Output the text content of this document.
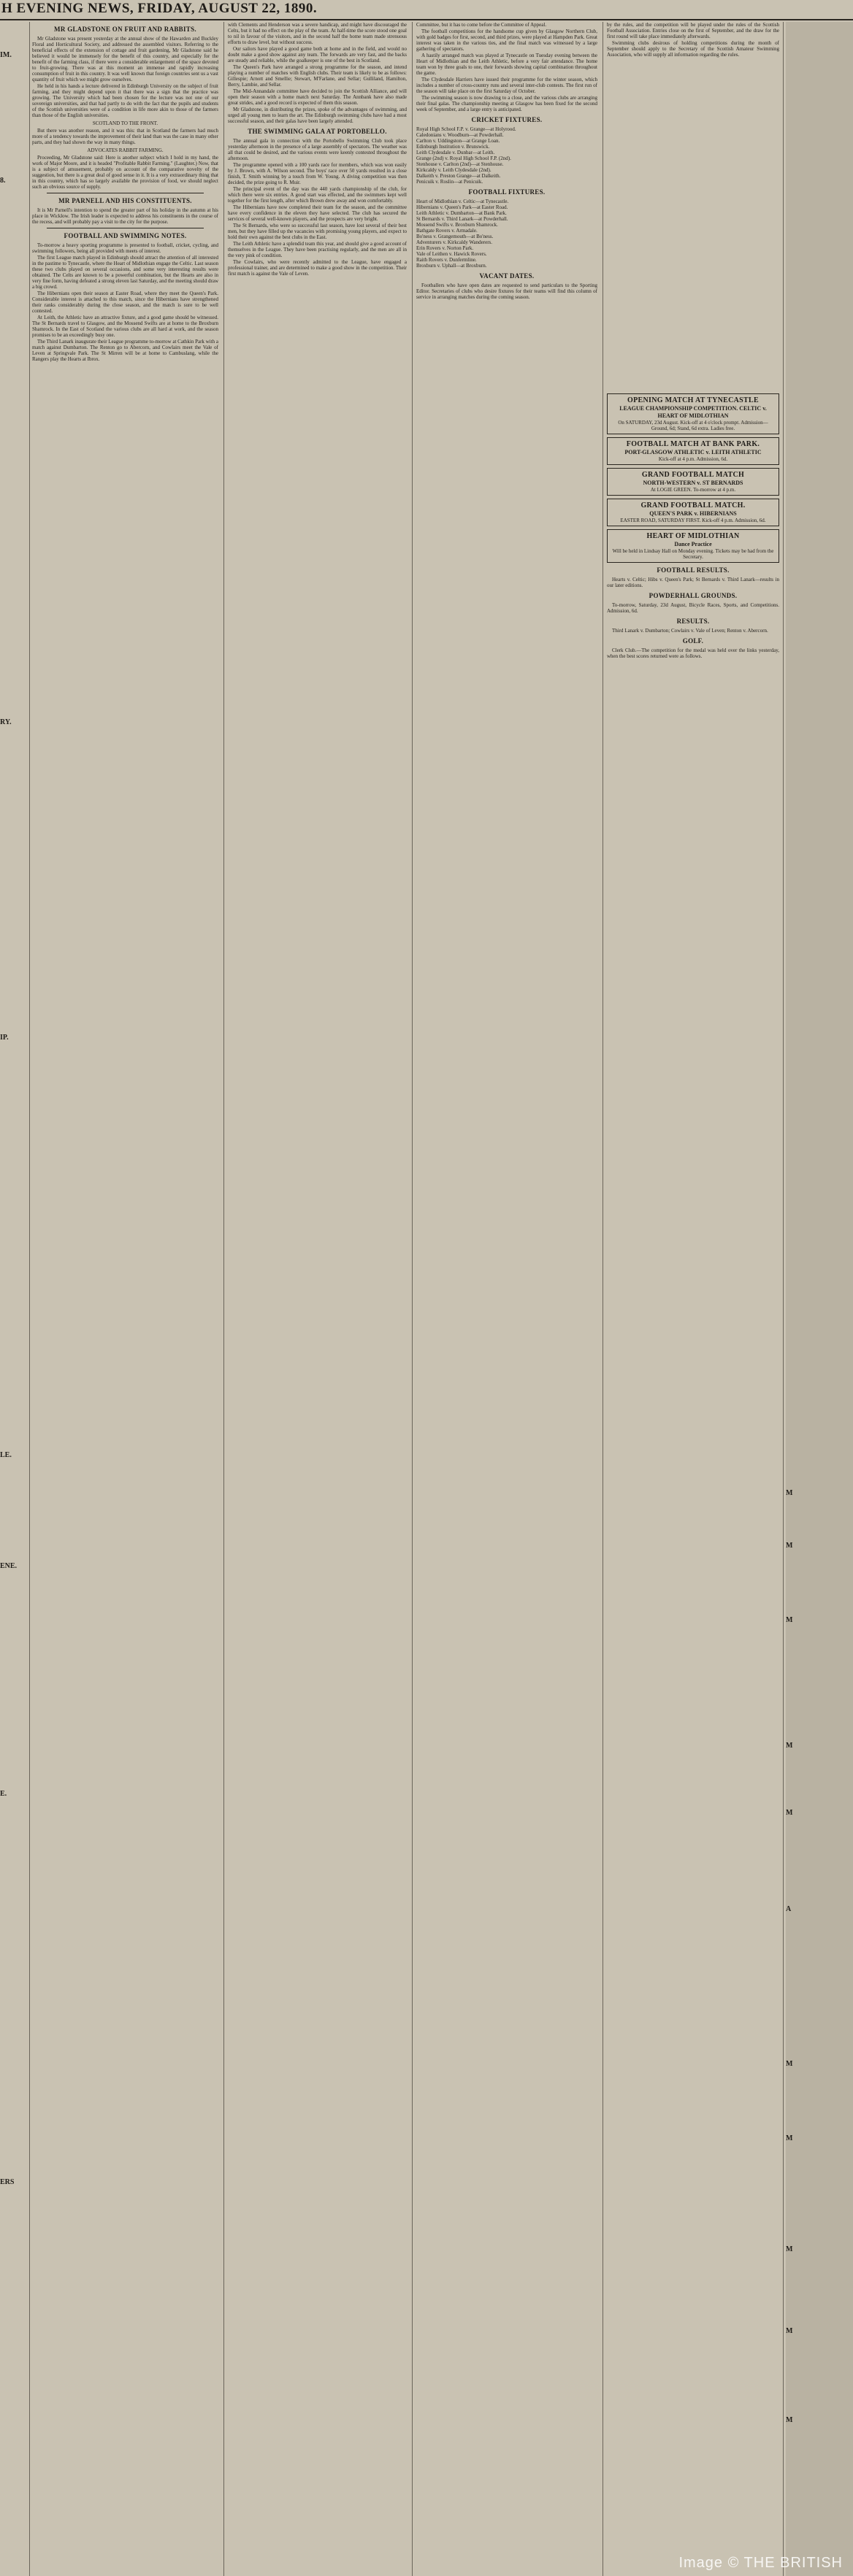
H EVENING NEWS, FRIDAY, AUGUST 22, 1890.
IM.
8.
RY.
IP.
LE.
ENE.
E.
ERS
MR GLADSTONE ON FRUIT AND RABBITS.

Mr Gladstone was present yesterday at the annual show of the Hawarden and Buckley Floral and Horticultural Society, and addressed the assembled visitors. Referring to the beneficial effects of the extension of cottage and fruit gardening, Mr Gladstone said he believed it would be immensely for the benefit of this country, and especially for the benefit of the farming class, if there were a considerable enlargement of the space devoted to fruit-growing. There was at this moment an immense and rapidly increasing consumption of fruit in this country. It was well known that foreign countries sent us a vast quantity of fruit which we might grow ourselves.

He held in his hands a lecture delivered in Edinburgh University on the subject of fruit farming, and they might depend upon it that there was a sign that the practice was growing. The University which had been chosen for the lecture was not one of our sovereign universities, and that had partly to do with the fact that the pupils and students of the Scottish universities were of a condition in life more akin to those of the farmers than those of the English universities.

SCOTLAND TO THE FRONT.

But there was another reason, and it was this: that in Scotland the farmers had much more of a tendency towards the improvement of their land than was the case in many other parts, and they had shown the way in many things.

ADVOCATES RABBIT FARMING.

Proceeding, Mr Gladstone said: Here is another subject which I hold in my hand, the work of Major Moore, and it is headed "Profitable Rabbit Farming." (Laughter.) Now, that is a subject of amusement, probably on account of the comparative novelty of the suggestion, but there is a great deal of good sense in it. It is a very extraordinary thing that in this country, which has so largely available the provision of food, we should neglect such an obvious source of supply.

MR PARNELL AND HIS CONSTITUENTS.

It is Mr Parnell's intention to spend the greater part of his holiday in the autumn at his place in Wicklow. The Irish leader is expected to address his constituents in the course of the recess, and will probably pay a visit to the city for the purpose.

FOOTBALL AND SWIMMING NOTES.

To-morrow a heavy sporting programme is presented to football, cricket, cycling, and swimming followers, being all provided with meets of interest.

The first League match played in Edinburgh should attract the attention of all interested in the pastime to Tynecastle, where the Heart of Midlothian engage the Celtic. Last season these two clubs played on several occasions, and some very interesting results were obtained. The Celts are known to be a powerful combination, but the Hearts are also in very fine form, having defeated a strong eleven last Saturday, and the meeting should draw a big crowd.

The Hibernians open their season at Easter Road, where they meet the Queen's Park. Considerable interest is attached to this match, since the Hibernians have strengthened their ranks considerably during the close season, and the match is sure to be well contested.

At Leith, the Athletic have an attractive fixture, and a good game should be witnessed. The St Bernards travel to Glasgow, and the Mossend Swifts are at home to the Broxburn Shamrock. In the East of Scotland the various clubs are all hard at work, and the season promises to be an exceedingly busy one.

The Third Lanark inaugurate their League programme to-morrow at Cathkin Park with a match against Dumbarton. The Renton go to Abercorn, and Cowlairs meet the Vale of Leven at Springvale Park. The St Mirren will be at home to Cambuslang, while the Rangers play the Hearts at Ibrox.

with Clements and Henderson was a severe handicap, and might have discouraged the Celts, but it had no effect on the play of the team. At half-time the score stood one goal to nil in favour of the visitors, and in the second half the home team made strenuous efforts to draw level, but without success.

Our sailors have played a good game both at home and in the field, and would no doubt make a good show against any team. The forwards are very fast, and the backs are steady and reliable, while the goalkeeper is one of the best in Scotland.

The Queen's Park have arranged a strong programme for the season, and intend playing a number of matches with English clubs. Their team is likely to be as follows: Gillespie; Arnott and Smellie; Stewart, M'Farlane, and Sellar; Gulliland, Hamilton, Berry, Lambie, and Sellar.

The Mid-Annandale committee have decided to join the Scottish Alliance, and will open their season with a home match next Saturday. The Annbank have also made great strides, and a good record is expected of them this season.

Mr Gladstone, in distributing the prizes, spoke of the advantages of swimming, and urged all young men to learn the art. The Edinburgh swimming clubs have had a most successful season, and their galas have been largely attended.

THE SWIMMING GALA AT PORTOBELLO.

The annual gala in connection with the Portobello Swimming Club took place yesterday afternoon in the presence of a large assembly of spectators. The weather was all that could be desired, and the various events were keenly contested throughout the afternoon.

The programme opened with a 100 yards race for members, which was won easily by J. Brown, with A. Wilson second. The boys' race over 50 yards resulted in a close finish, T. Smith winning by a touch from W. Young. A diving competition was then decided, the prize going to R. Muir.

The principal event of the day was the 440 yards championship of the club, for which there were six entries. A good start was effected, and the swimmers kept well together for the first length, after which Brown drew away and won comfortably.

The Hibernians have now completed their team for the season, and the committee have every confidence in the eleven they have selected. The club has secured the services of several well-known players, and the prospects are very bright.

The St Bernards, who were so successful last season, have lost several of their best men, but they have filled up the vacancies with promising young players, and expect to hold their own against the best clubs in the East.

The Leith Athletic have a splendid team this year, and should give a good account of themselves in the League. They have been practising regularly, and the men are all in the very pink of condition.

The Cowlairs, who were recently admitted to the League, have engaged a professional trainer, and are determined to make a good show in the competition. Their first match is against the Vale of Leven.

Committee, but it has to come before the Committee of Appeal.

The football competitions for the handsome cup given by Glasgow Northern Club, with gold badges for first, second, and third prizes, were played at Hampden Park. Great interest was taken in the various ties, and the final match was witnessed by a large gathering of spectators.

A hastily arranged match was played at Tynecastle on Tuesday evening between the Heart of Midlothian and the Leith Athletic, before a very fair attendance. The home team won by three goals to one, their forwards showing capital combination throughout the game.

The Clydesdale Harriers have issued their programme for the winter season, which includes a number of cross-country runs and several inter-club contests. The first run of the season will take place on the first Saturday of October.

The swimming season is now drawing to a close, and the various clubs are arranging their final galas. The championship meeting at Glasgow has been fixed for the second week of September, and a large entry is anticipated.

CRICKET FIXTURES.
Royal High School F.P. v. Grange—at Holyrood.
Caledonians v. Woodburn—at Powderhall.
Carlton v. Uddingston—at Grange Loan.
Edinburgh Institution v. Brunswick.
Leith Clydesdale v. Dunbar—at Leith.
Grange (2nd) v. Royal High School F.P. (2nd).
Stenhouse v. Carlton (2nd)—at Stenhouse.
Kirkcaldy v. Leith Clydesdale (2nd).
Dalkeith v. Preston Grange—at Dalkeith.
Penicuik v. Roslin—at Penicuik.
FOOTBALL FIXTURES.
Heart of Midlothian v. Celtic—at Tynecastle.
Hibernians v. Queen's Park—at Easter Road.
Leith Athletic v. Dumbarton—at Bank Park.
St Bernards v. Third Lanark—at Powderhall.
Mossend Swifts v. Broxburn Shamrock.
Bathgate Rovers v. Armadale.
Bo'ness v. Grangemouth—at Bo'ness.
Adventurers v. Kirkcaldy Wanderers.
Erin Rovers v. Norton Park.
Vale of Leithen v. Hawick Rovers.
Raith Rovers v. Dunfermline.
Broxburn v. Uphall—at Broxburn.
VACANT DATES.

Footballers who have open dates are requested to send particulars to the Sporting Editor. Secretaries of clubs who desire fixtures for their teams will find this column of service in arranging matches during the coming season.

by the rules, and the competition will be played under the rules of the Scottish Football Association. Entries close on the first of September, and the draw for the first round will take place immediately afterwards.

Swimming clubs desirous of holding competitions during the month of September should apply to the Secretary of the Scottish Amateur Swimming Association, who will supply all information regarding the rules.

OPENING MATCH AT TYNECASTLE
LEAGUE CHAMPIONSHIP COMPETITION. CELTIC v. HEART OF MIDLOTHIAN
On SATURDAY, 23d August. Kick-off at 4 o'clock prompt. Admission—Ground, 6d; Stand, 6d extra. Ladies free.
FOOTBALL MATCH AT BANK PARK.
PORT-GLASGOW ATHLETIC v. LEITH ATHLETIC
Kick-off at 4 p.m. Admission, 6d.
GRAND FOOTBALL MATCH
NORTH-WESTERN v. ST BERNARDS
At LOGIE GREEN. To-morrow at 4 p.m.
GRAND FOOTBALL MATCH.
QUEEN'S PARK v. HIBERNIANS
EASTER ROAD, SATURDAY FIRST. Kick-off 4 p.m. Admission, 6d.
HEART OF MIDLOTHIAN
Dance Practice
Will be held in Lindsay Hall on Monday evening. Tickets may be had from the Secretary.
FOOTBALL RESULTS.

Hearts v. Celtic; Hibs v. Queen's Park; St Bernards v. Third Lanark—results in our later editions.

POWDERHALL GROUNDS.

To-morrow, Saturday, 23d August, Bicycle Races, Sports, and Competitions. Admission, 6d.

RESULTS.

Third Lanark v. Dumbarton; Cowlairs v. Vale of Leven; Renton v. Abercorn.

GOLF.

Clerk Club.—The competition for the medal was held over the links yesterday, when the best scores returned were as follows.

M
M
M
M
M
A
M
M
M
M
M
Image © THE BRITISH
